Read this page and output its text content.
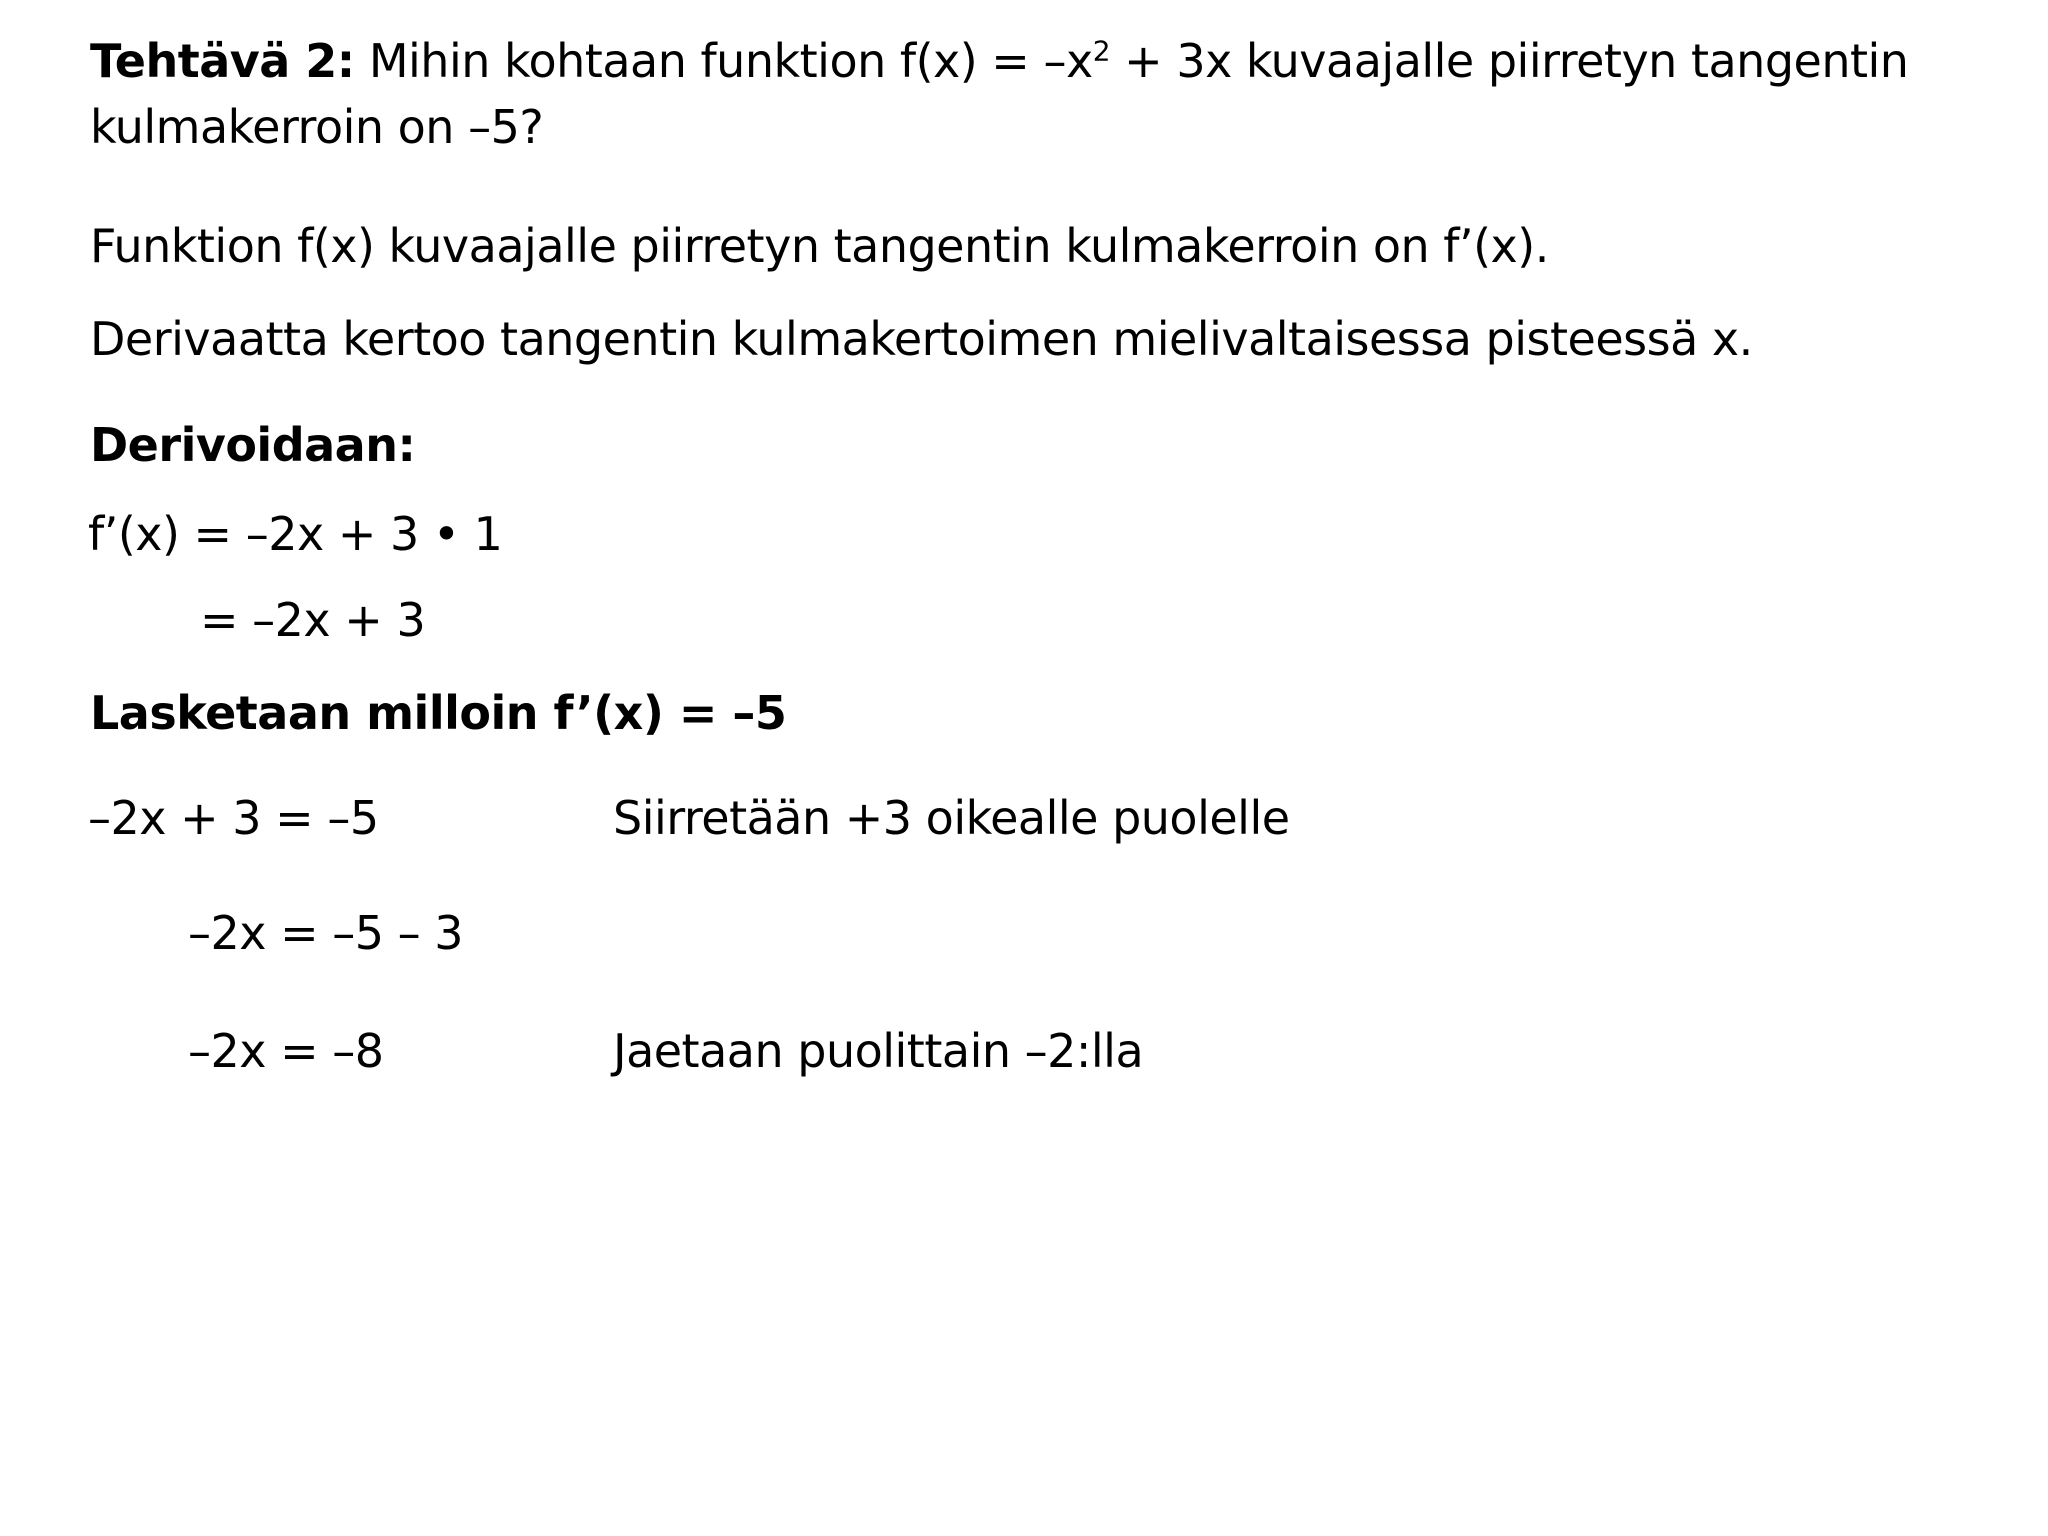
Tehtävä 2: Mihin kohtaan funktion $f(x) = -x^2 + 3x$ kuvaajalle piirretyn tangentin
kulmakerroin on –5?
Funktion f(x) kuvaajalle piirretyn tangentin kulmakerroin on f’(x).
Derivaatta kertoo tangentin kulmakertoimen mielivaltaisessa pisteessä x.
Derivoidaan:
f’(x) = –2x + 3 • 1
= –2x + 3
Lasketaan milloin f’(x) = –5
–2x + 3 = –5	Siirretään +3 oikealle puolelle
–2x = –5 – 3
–2x = –8	Jaetaan puolittain –2:lla
